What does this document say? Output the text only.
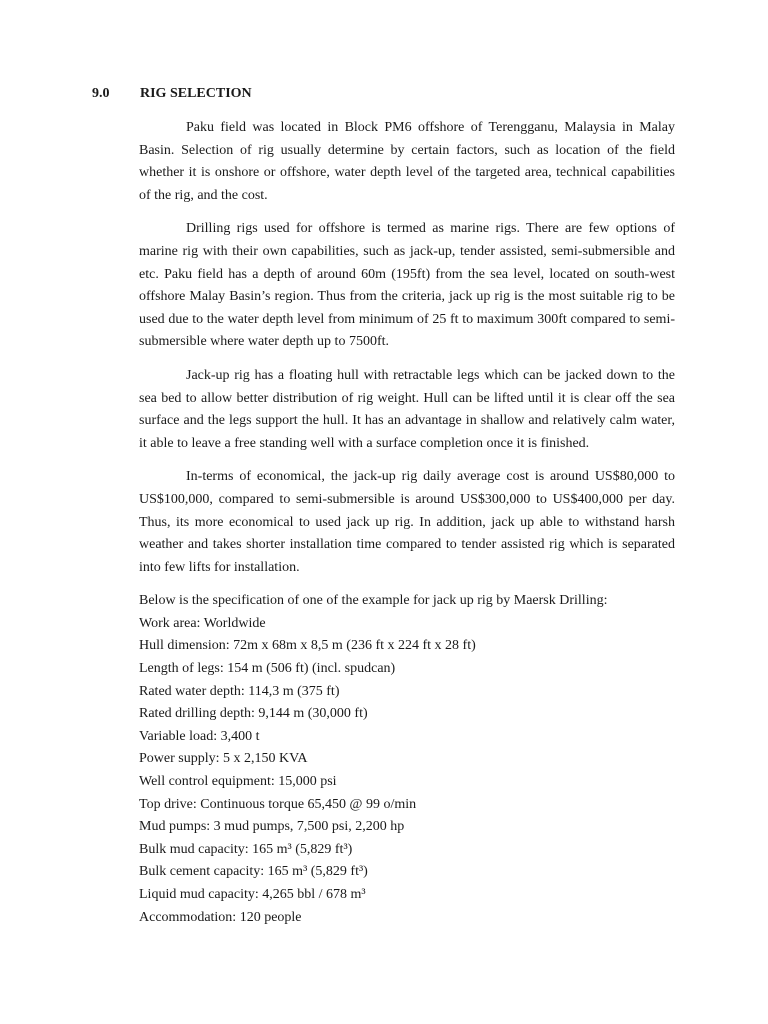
9.0 RIG SELECTION

Paku field was located in Block PM6 offshore of Terengganu, Malaysia in Malay Basin. Selection of rig usually determine by certain factors, such as location of the field whether it is onshore or offshore, water depth level of the targeted area, technical capabilities of the rig, and the cost.

Drilling rigs used for offshore is termed as marine rigs. There are few options of marine rig with their own capabilities, such as jack-up, tender assisted, semi-submersible and etc. Paku field has a depth of around 60m (195ft) from the sea level, located on south-west offshore Malay Basin’s region. Thus from the criteria, jack up rig is the most suitable rig to be used due to the water depth level from minimum of 25 ft to maximum 300ft compared to semi-submersible where water depth up to 7500ft.

Jack-up rig has a floating hull with retractable legs which can be jacked down to the sea bed to allow better distribution of rig weight. Hull can be lifted until it is clear off the sea surface and the legs support the hull. It has an advantage in shallow and relatively calm water, it able to leave a free standing well with a surface completion once it is finished.

In-terms of economical, the jack-up rig daily average cost is around US$80,000 to US$100,000, compared to semi-submersible is around US$300,000 to US$400,000 per day. Thus, its more economical to used jack up rig. In addition, jack up able to withstand harsh weather and takes shorter installation time compared to tender assisted rig which is separated into few lifts for installation.

Below is the specification of one of the example for jack up rig by Maersk Drilling:
Work area: Worldwide
Hull dimension: 72m x 68m x 8,5 m (236 ft x 224 ft x 28 ft)
Length of legs: 154 m (506 ft) (incl. spudcan)
Rated water depth: 114,3 m (375 ft)
Rated drilling depth: 9,144 m (30,000 ft)
Variable load: 3,400 t
Power supply: 5 x 2,150 KVA
Well control equipment: 15,000 psi
Top drive: Continuous torque 65,450 @ 99 o/min
Mud pumps: 3 mud pumps, 7,500 psi, 2,200 hp
Bulk mud capacity: 165 m³ (5,829 ft³)
Bulk cement capacity: 165 m³ (5,829 ft³)
Liquid mud capacity: 4,265 bbl / 678 m³
Accommodation: 120 people
